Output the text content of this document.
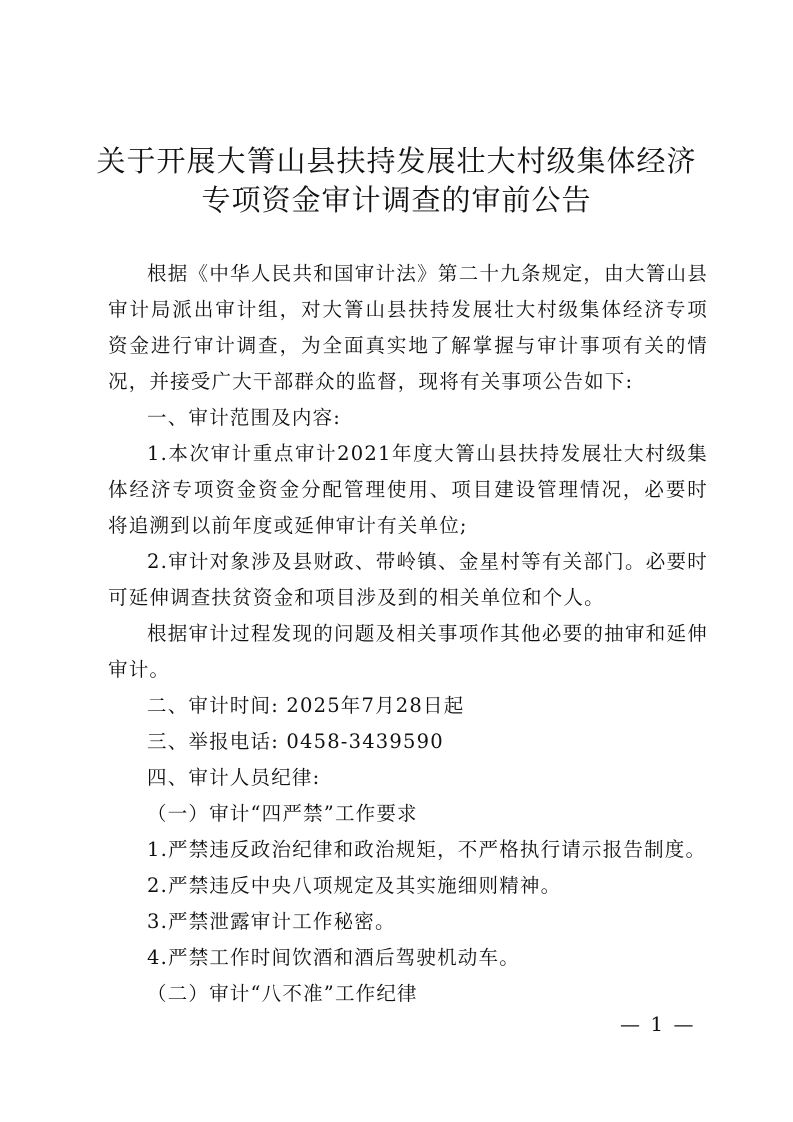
关于开展大箐山县扶持发展壮大村级集体经济
专项资金审计调查的审前公告

根据《中华人民共和国审计法》第二十九条规定，由大箐山县审计局派出审计组，对大箐山县扶持发展壮大村级集体经济专项资金进行审计调查，为全面真实地了解掌握与审计事项有关的情况，并接受广大干部群众的监督，现将有关事项公告如下:

一、审计范围及内容:

1.本次审计重点审计2021年度大箐山县扶持发展壮大村级集体经济专项资金资金分配管理使用、项目建设管理情况，必要时将追溯到以前年度或延伸审计有关单位;

2.审计对象涉及县财政、带岭镇、金星村等有关部门。必要时可延伸调查扶贫资金和项目涉及到的相关单位和个人。

根据审计过程发现的问题及相关事项作其他必要的抽审和延伸审计。

二、审计时间: 2025年7月28日起

三、举报电话: 0458-3439590

四、审计人员纪律:

（一）审计“四严禁”工作要求

1.严禁违反政治纪律和政治规矩，不严格执行请示报告制度。

2.严禁违反中央八项规定及其实施细则精神。

3.严禁泄露审计工作秘密。

4.严禁工作时间饮酒和酒后驾驶机动车。

（二）审计“八不准”工作纪律

— 1 —
